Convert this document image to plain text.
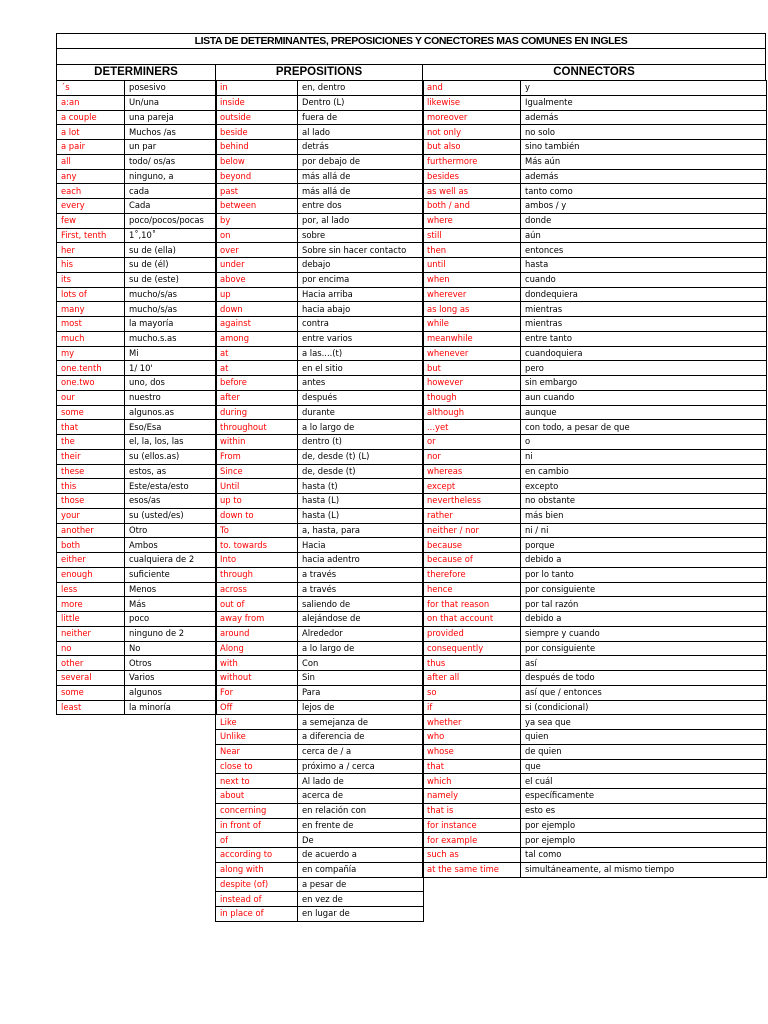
LISTA DE DETERMINANTES, PREPOSICIONES Y CONECTORES MAS COMUNES EN INGLES
DETERMINERS	PREPOSITIONS	CONNECTORS
´s	posesivo
a:an	Un/una
a couple	una pareja
a lot	Muchos /as
a pair	un par
all	todo/ os/as
any	ninguno, a
each	cada
every	Cada
few	poco/pocos/pocas
First, tenth	1˚,10˚
her	su de (ella)
his	su de (él)
its	su de (este)
lots of	mucho/s/as
many	mucho/s/as
most	la mayoría
much	mucho.s.as
my	Mi
one.tenth	1/ 10'
one.two	uno, dos
our	nuestro
some	algunos.as
that	Eso/Esa
the	el, la, los, las
their	su (ellos.as)
these	estos, as
this	Este/esta/esto
those	esos/as
your	su (usted/es)
another	Otro
both	Ambos
either	cualquiera de 2
enough	suficiente
less	Menos
more	Más
little	poco
neither	ninguno de 2
no	No
other	Otros
several	Varios
some	algunos
least	la minoría
in	en, dentro
inside	Dentro (L)
outside	fuera de
beside	al lado
behind	detrás
below	por debajo de
beyond	más allá de
past	más allá de
between	entre dos
by	por, al lado
on	sobre
over	Sobre sin hacer contacto
under	debajo
above	por encima
up	Hacia arriba
down	hacia abajo
against	contra
among	entre varios
at	a las....(t)
at	en el sitio
before	antes
after	después
during	durante
throughout	a lo largo de
within	dentro (t)
From	de, desde (t) (L)
Since	de, desde (t)
Until	hasta (t)
up to	hasta (L)
down to	hasta (L)
To	a, hasta, para
to. towards	Hacia
Into	hacia adentro
through	a través
across	a través
out of	saliendo de
away from	alejándose de
around	Alrededor
Along	a lo largo de
with	Con
without	Sin
For	Para
Off	lejos de
Like	a semejanza de
Unlike	a diferencia de
Near	cerca de / a
close to	próximo a / cerca
next to	Al lado de
about	acerca de
concerning	en relación con
in front of	en frente de
of	De
according to	de acuerdo a
along with	en compañía
despite (of)	a pesar de
instead of	en vez de
in place of	en lugar de
and	y
likewise	Igualmente
moreover	además
not only	no solo
but also	sino también
furthermore	Más aún
besides	además
as well as	tanto como
both / and	ambos / y
where	donde
still	aún
then	entonces
until	hasta
when	cuando
wherever	dondequiera
as long as	mientras
while	mientras
meanwhile	entre tanto
whenever	cuandoquiera
but	pero
however	sin embargo
though	aun cuando
although	aunque
...yet	con todo, a pesar de que
or	o
nor	ni
whereas	en cambio
except	excepto
nevertheless	no obstante
rather	más bien
neither / nor	ni / ni
because	porque
because of	debido a
therefore	por lo tanto
hence	por consiguiente
for that reason	por tal razón
on that account	debido a
provided	siempre y cuando
consequently	por consiguiente
thus	así
after all	después de todo
so	así que / entonces
if	si (condicional)
whether	ya sea que
who	quien
whose	de quien
that	que
which	el cuál
namely	específicamente
that is	esto es
for instance	por ejemplo
for example	por ejemplo
such as	tal como
at the same time	simultáneamente, al mismo tiempo
